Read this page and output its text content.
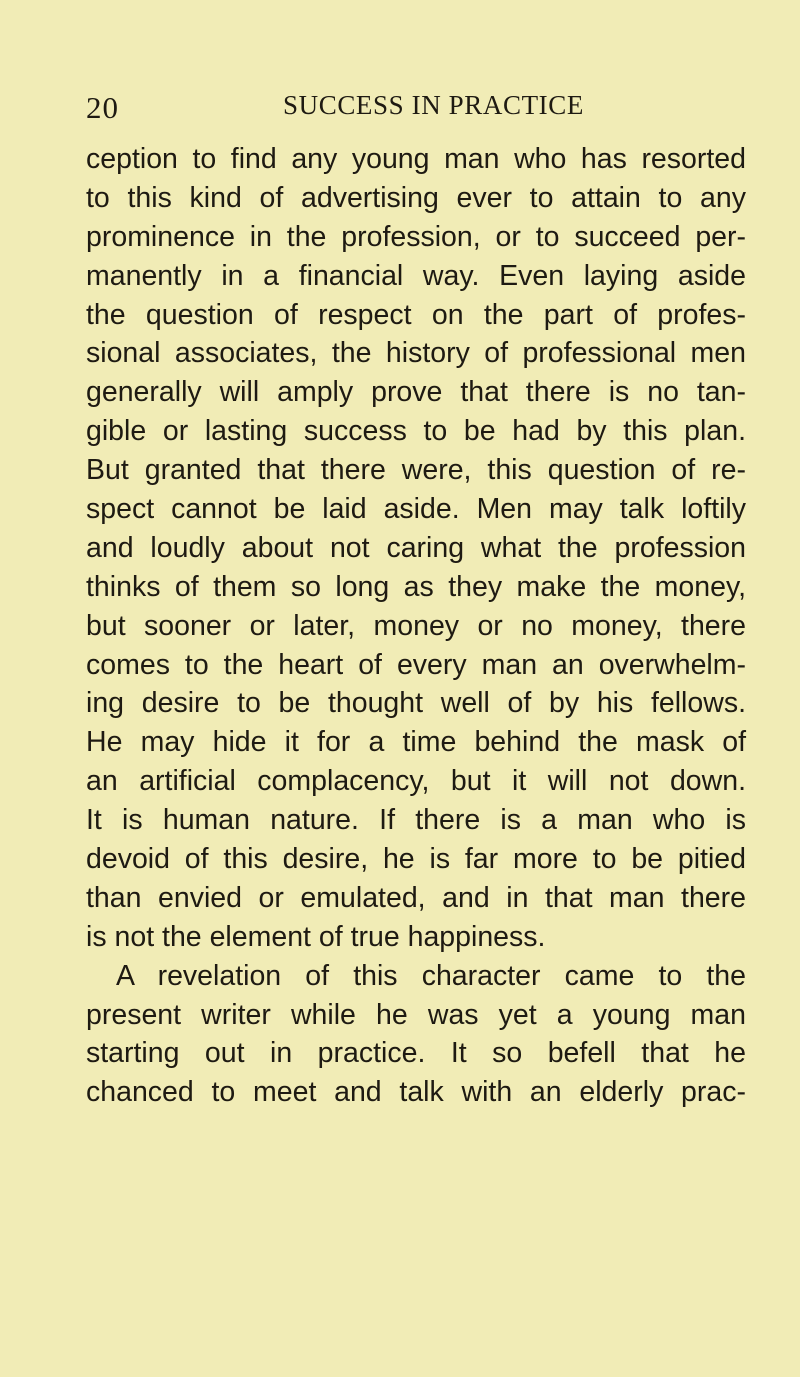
20	SUCCESS IN PRACTICE
ception to find any young man who has resorted
to this kind of advertising ever to attain to any
prominence in the profession, or to succeed per-
manently in a financial way. Even laying aside
the question of respect on the part of profes-
sional associates, the history of professional men
generally will amply prove that there is no tan-
gible or lasting success to be had by this plan.
But granted that there were, this question of re-
spect cannot be laid aside. Men may talk loftily
and loudly about not caring what the profession
thinks of them so long as they make the money,
but sooner or later, money or no money, there
comes to the heart of every man an overwhelm-
ing desire to be thought well of by his fellows.
He may hide it for a time behind the mask of
an artificial complacency, but it will not down.
It is human nature. If there is a man who is
devoid of this desire, he is far more to be pitied
than envied or emulated, and in that man there
is not the element of true happiness.
A revelation of this character came to the
present writer while he was yet a young man
starting out in practice. It so befell that he
chanced to meet and talk with an elderly prac-
